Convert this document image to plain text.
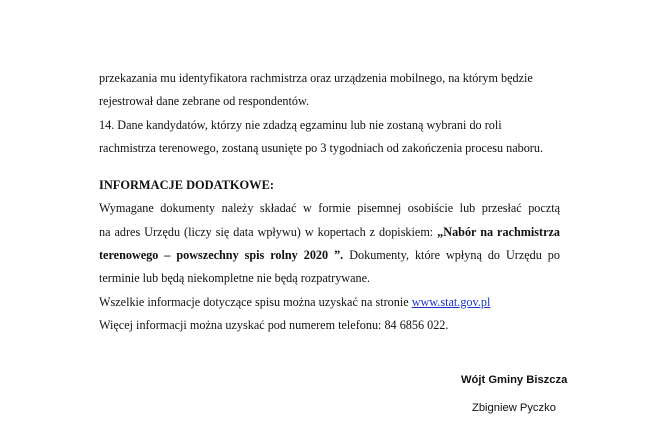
przekazania mu identyfikatora rachmistrza oraz urządzenia mobilnego, na którym będzie
rejestrował dane zebrane od respondentów.
14. Dane kandydatów, którzy nie zdadzą egzaminu lub nie zostaną wybrani do roli
rachmistrza terenowego, zostaną usunięte po 3 tygodniach od zakończenia procesu naboru.
INFORMACJE DODATKOWE:
Wymagane dokumenty należy składać w formie pisemnej osobiście lub przesłać pocztą
na adres Urzędu (liczy się data wpływu) w kopertach z dopiskiem: „Nabór na rachmistrza
terenowego – powszechny spis rolny 2020 ”. Dokumenty, które wpłyną do Urzędu po
terminie lub będą niekompletne nie będą rozpatrywane.
Wszelkie informacje dotyczące spisu można uzyskać na stronie www.stat.gov.pl
Więcej informacji można uzyskać pod numerem telefonu: 84 6856 022.
Wójt Gminy Biszcza
Zbigniew Pyczko
